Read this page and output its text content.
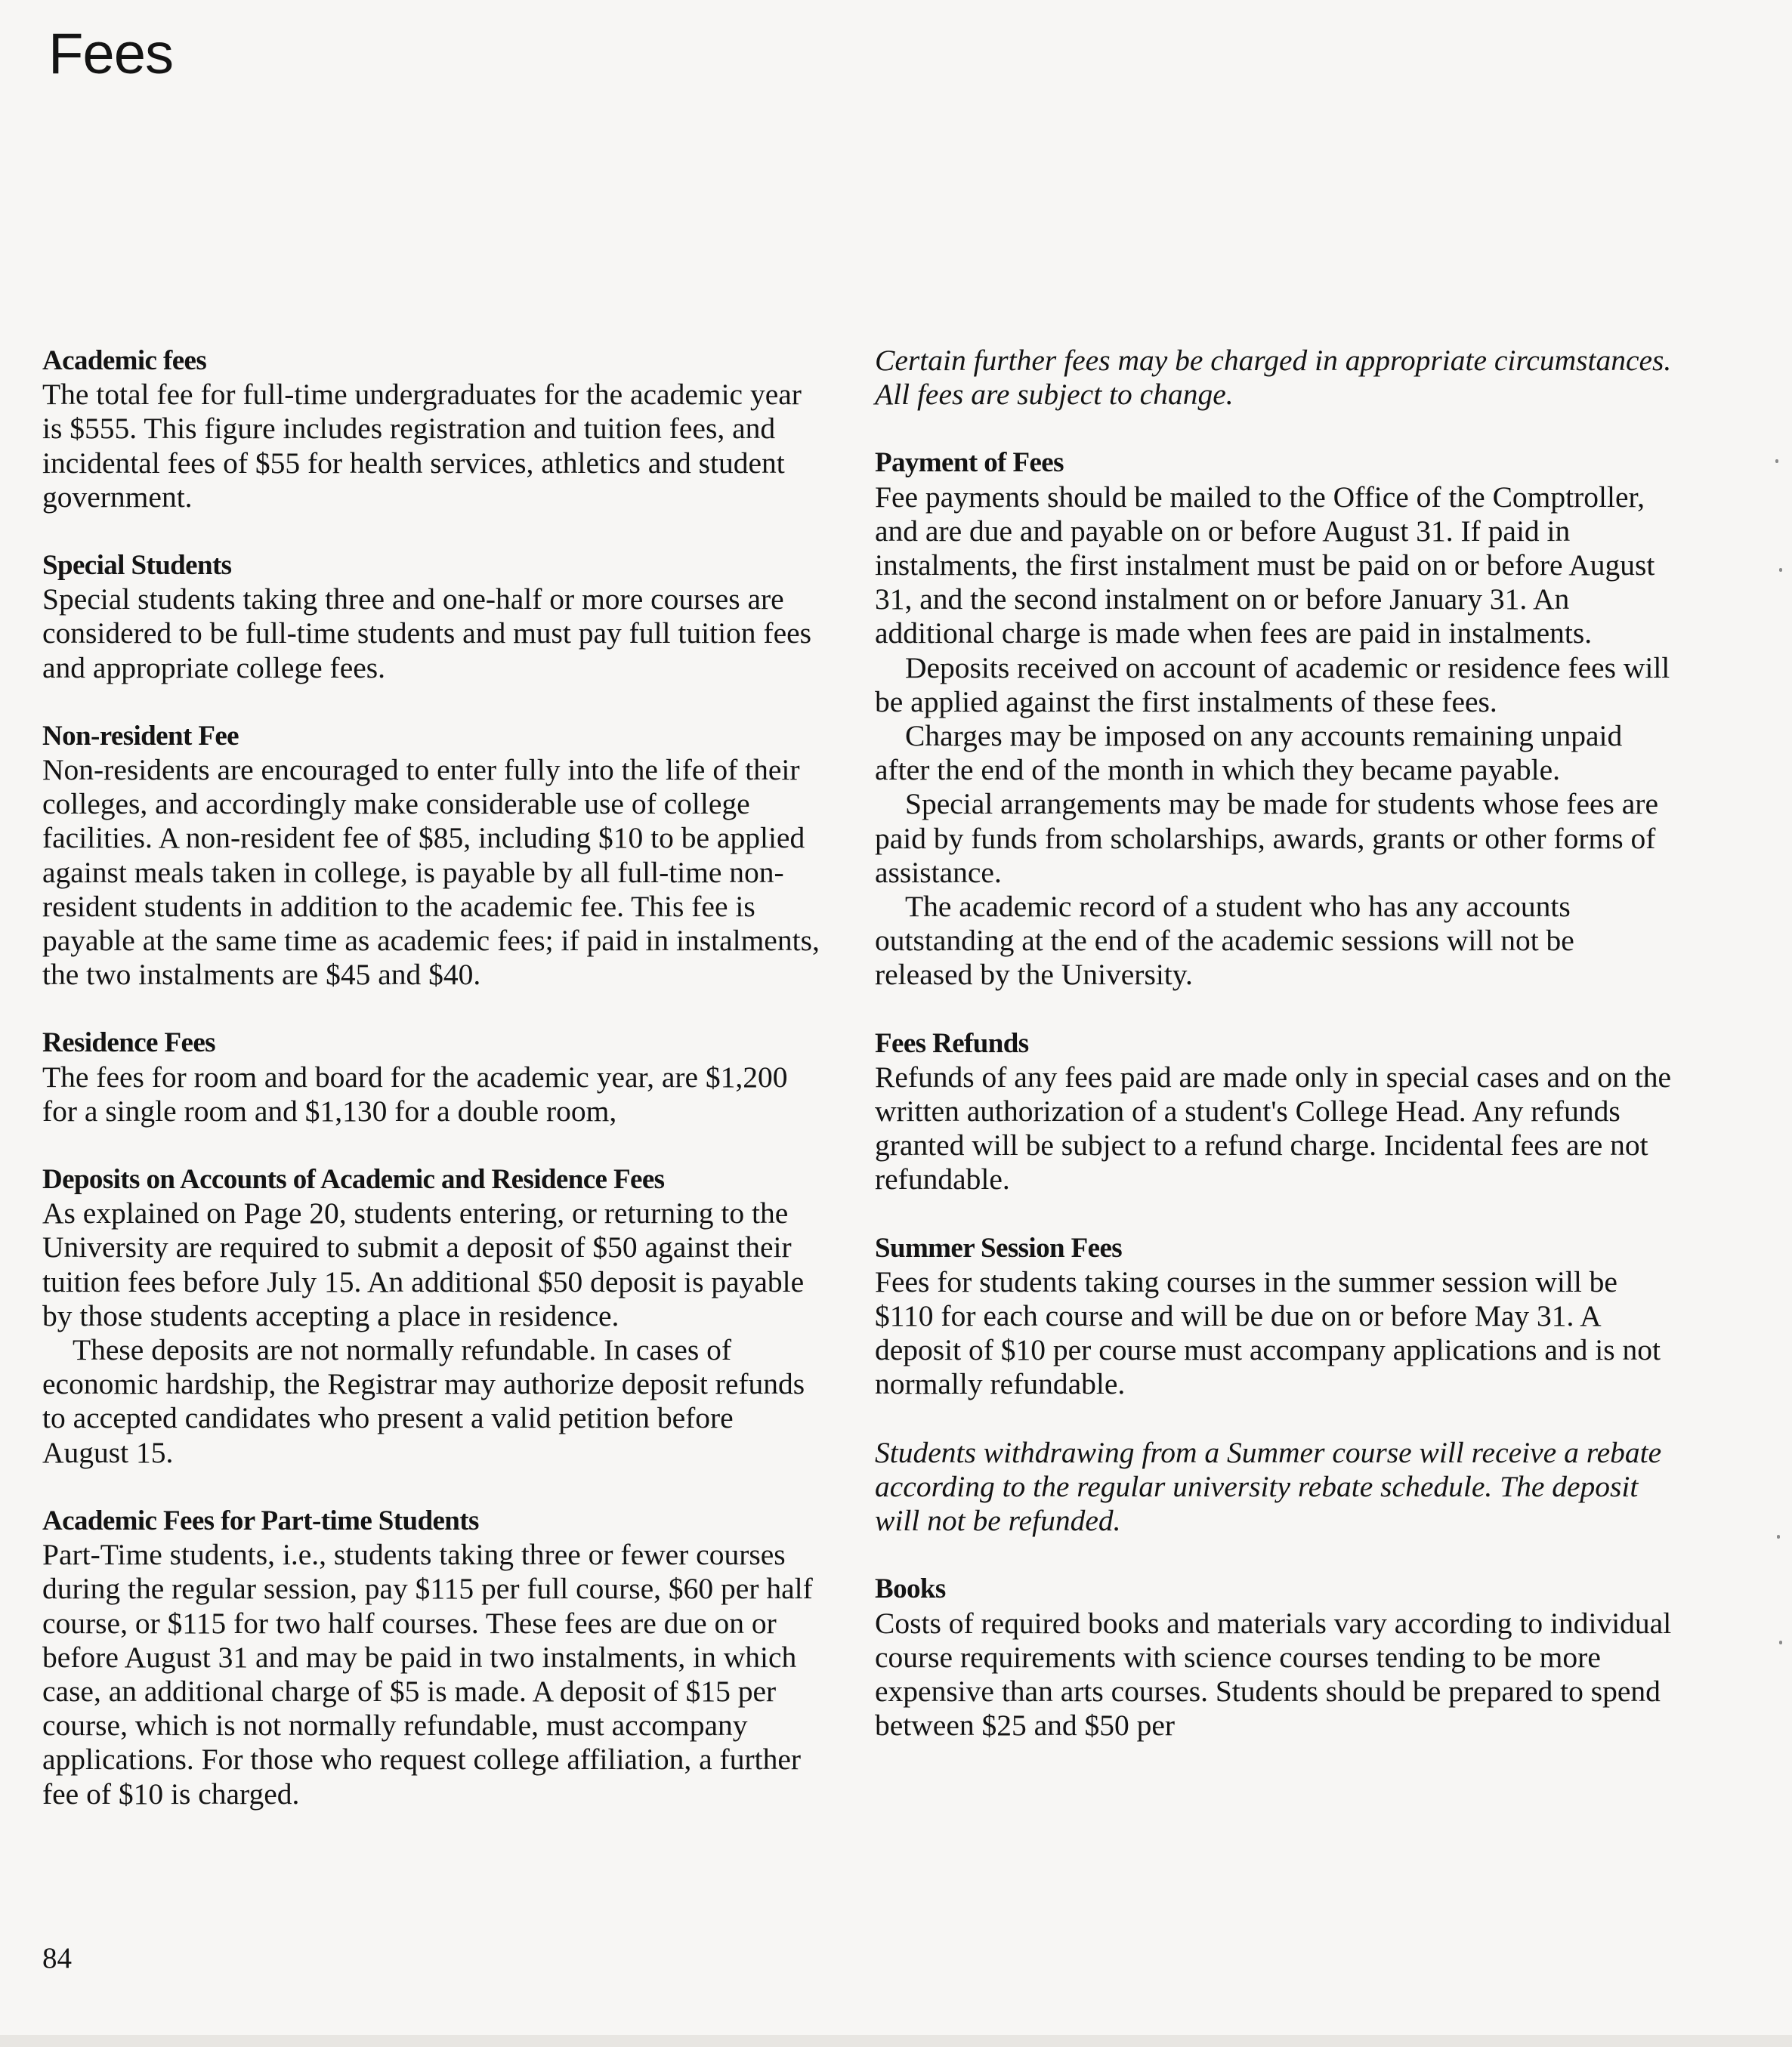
Fees

Academic fees

The total fee for full-time undergraduates for the academic year is $555. This figure includes registration and tuition fees, and incidental fees of $55 for health services, athletics and student government.

Special Students

Special students taking three and one-half or more courses are considered to be full-time students and must pay full tuition fees and appropriate college fees.

Non-resident Fee

Non-residents are encouraged to enter fully into the life of their colleges, and accordingly make considerable use of college facilities. A non-resident fee of $85, including $10 to be applied against meals taken in college, is payable by all full-time non-resident students in addition to the academic fee. This fee is payable at the same time as academic fees; if paid in instalments, the two instalments are $45 and $40.

Residence Fees

The fees for room and board for the academic year, are $1,200 for a single room and $1,130 for a double room,

Deposits on Accounts of Academic and Residence Fees

As explained on Page 20, students entering, or returning to the University are required to submit a deposit of $50 against their tuition fees before July 15. An additional $50 deposit is payable by those students accepting a place in residence.

These deposits are not normally refundable. In cases of economic hardship, the Registrar may authorize deposit refunds to accepted candidates who present a valid petition before August 15.

Academic Fees for Part-time Students

Part-Time students, i.e., students taking three or fewer courses during the regular session, pay $115 per full course, $60 per half course, or $115 for two half courses. These fees are due on or before August 31 and may be paid in two instalments, in which case, an additional charge of $5 is made. A deposit of $15 per course, which is not normally refundable, must accompany applications. For those who request college affiliation, a further fee of $10 is charged.

Certain further fees may be charged in appropriate circumstances.

All fees are subject to change.

Payment of Fees

Fee payments should be mailed to the Office of the Comptroller, and are due and payable on or before August 31. If paid in instalments, the first instalment must be paid on or before August 31, and the second instalment on or before January 31. An additional charge is made when fees are paid in instalments.

Deposits received on account of academic or residence fees will be applied against the first instalments of these fees.

Charges may be imposed on any accounts remaining unpaid after the end of the month in which they became payable.

Special arrangements may be made for students whose fees are paid by funds from scholarships, awards, grants or other forms of assistance.

The academic record of a student who has any accounts outstanding at the end of the academic sessions will not be released by the University.

Fees Refunds

Refunds of any fees paid are made only in special cases and on the written authorization of a student's College Head. Any refunds granted will be subject to a refund charge. Incidental fees are not refundable.

Summer Session Fees

Fees for students taking courses in the summer session will be $110 for each course and will be due on or before May 31. A deposit of $10 per course must accompany applications and is not normally refundable.

Students withdrawing from a Summer course will receive a rebate according to the regular university rebate schedule. The deposit will not be refunded.

Books

Costs of required books and materials vary according to individual course requirements with science courses tending to be more expensive than arts courses. Students should be prepared to spend between $25 and $50 per

84
